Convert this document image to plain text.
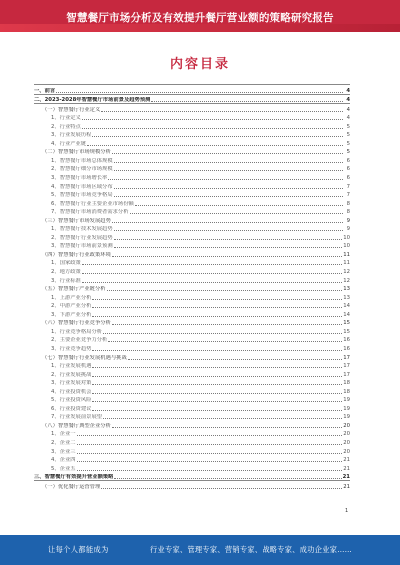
智慧餐厅市场分析及有效提升餐厅营业额的策略研究报告
内容目录
一、前言	4
二、2023-2028年智慧餐厅市场前景及趋势预测	4
（一）智慧餐厅行业定义	4
1、行业定义	4
2、行业特点	5
3、行业发展历程	5
4、行业产业链	5
（二）智慧餐厅市场规模分析	5
1、智慧餐厅市场总体规模	6
2、智慧餐厅细分市场规模	6
3、智慧餐厅市场增长率	6
4、智慧餐厅市场区域分布	7
5、智慧餐厅市场竞争格局	7
6、智慧餐厅行业主要企业市场份额	8
7、智慧餐厅市场消费者需求分析	8
（三）智慧餐厅市场发展趋势	9
1、智慧餐厅技术发展趋势	9
2、智慧餐厅行业发展趋势	10
3、智慧餐厅市场前景预测	10
（四）智慧餐厅行业政策环境	11
1、国家政策	11
2、地方政策	12
3、行业标准	12
（五）智慧餐厅产业链分析	13
1、上游产业分析	13
2、中游产业分析	14
3、下游产业分析	14
（六）智慧餐厅行业竞争分析	15
1、行业竞争格局分析	15
2、主要企业竞争力分析	16
3、行业竞争趋势	16
（七）智慧餐厅行业发展机遇与挑战	17
1、行业发展机遇	17
2、行业发展挑战	17
3、行业发展对策	18
4、行业投资机会	18
5、行业投资风险	19
6、行业投资建议	19
7、行业发展前景展望	19
（八）智慧餐厅典型企业分析	20
1、企业一	20
2、企业二	20
3、企业三	20
4、企业四	21
5、企业五	21
三、智慧餐厅有效提升营业额策略	21
（一）优化餐厅运营管理	21
1
让每个人都能成为	行业专家、管理专家、营销专家、战略专家、成功企业家……
